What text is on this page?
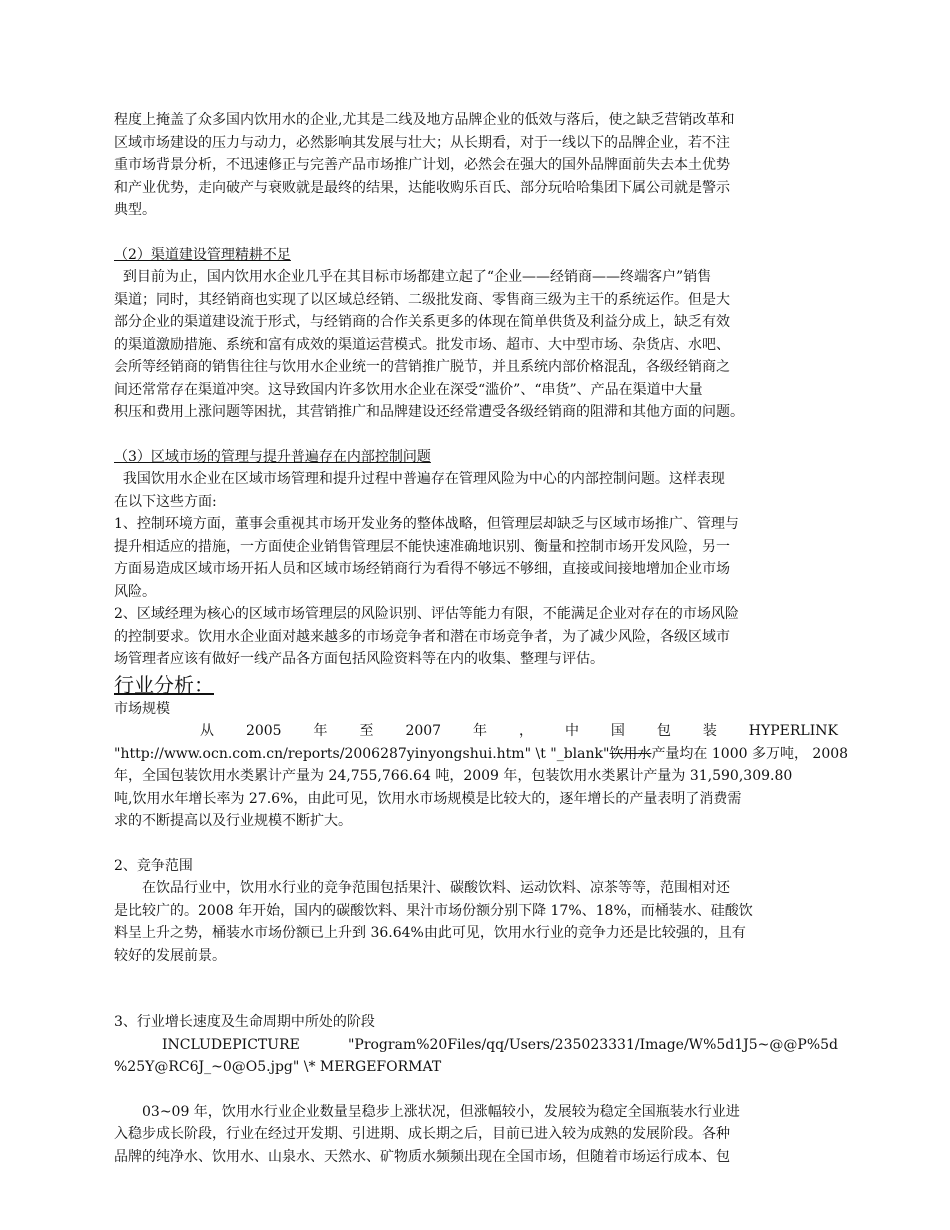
程度上掩盖了众多国内饮用水的企业,尤其是二线及地方品牌企业的低效与落后，使之缺乏营销改革和
区域市场建设的压力与动力，必然影响其发展与壮大；从长期看，对于一线以下的品牌企业，若不注
重市场背景分析，不迅速修正与完善产品市场推广计划，必然会在强大的国外品牌面前失去本土优势
和产业优势，走向破产与衰败就是最终的结果，达能收购乐百氏、部分玩哈哈集团下属公司就是警示
典型。
（2）渠道建设管理精耕不足
到目前为止，国内饮用水企业几乎在其目标市场都建立起了“企业——经销商——终端客户”销售
渠道；同时，其经销商也实现了以区域总经销、二级批发商、零售商三级为主干的系统运作。但是大
部分企业的渠道建设流于形式，与经销商的合作关系更多的体现在简单供货及利益分成上，缺乏有效
的渠道激励措施、系统和富有成效的渠道运营模式。批发市场、超市、大中型市场、杂货店、水吧、
会所等经销商的销售往往与饮用水企业统一的营销推广脱节，并且系统内部价格混乱，各级经销商之
间还常常存在渠道冲突。这导致国内许多饮用水企业在深受“滥价”、“串货”、产品在渠道中大量
积压和费用上涨问题等困扰，其营销推广和品牌建设还经常遭受各级经销商的阻滞和其他方面的问题。
（3）区域市场的管理与提升普遍存在内部控制问题
我国饮用水企业在区域市场管理和提升过程中普遍存在管理风险为中心的内部控制问题。这样表现
在以下这些方面:
1、控制环境方面，董事会重视其市场开发业务的整体战略，但管理层却缺乏与区域市场推广、管理与
提升相适应的措施，一方面使企业销售管理层不能快速准确地识别、衡量和控制市场开发风险，另一
方面易造成区域市场开拓人员和区域市场经销商行为看得不够远不够细，直接或间接地增加企业市场
风险。
2、区域经理为核心的区域市场管理层的风险识别、评估等能力有限，不能满足企业对存在的市场风险
的控制要求。饮用水企业面对越来越多的市场竞争者和潜在市场竞争者，为了减少风险，各级区域市
场管理者应该有做好一线产品各方面包括风险资料等在内的收集、整理与评估。
行业分析：
市场规模
从 2005 年 至 2007 年 ， 中 国 包 装 HYPERLINK
"http://www.ocn.com.cn/reports/2006287yinyongshui.htm" \t "_blank"饮用水产量均在 1000 多万吨， 2008
年，全国包装饮用水类累计产量为 24,755,766.64 吨，2009 年，包装饮用水类累计产量为 31,590,309.80
吨,饮用水年增长率为 27.6%，由此可见，饮用水市场规模是比较大的，逐年增长的产量表明了消费需
求的不断提高以及行业规模不断扩大。
2、竞争范围
在饮品行业中，饮用水行业的竞争范围包括果汁、碳酸饮料、运动饮料、凉茶等等，范围相对还
是比较广的。2008 年开始，国内的碳酸饮料、果汁市场份额分别下降 17%、18%，而桶装水、硅酸饮
料呈上升之势，桶装水市场份额已上升到 36.64%由此可见，饮用水行业的竞争力还是比较强的，且有
较好的发展前景。
3、行业增长速度及生命周期中所处的阶段
INCLUDEPICTURE	"Program%20Files/qq/Users/235023331/Image/W%5d1J5~@@P%5d
%25Y@RC6J_~0@O5.jpg" \* MERGEFORMAT
03~09 年，饮用水行业企业数量呈稳步上涨状况，但涨幅较小，发展较为稳定全国瓶装水行业进
入稳步成长阶段，行业在经过开发期、引进期、成长期之后，目前已进入较为成熟的发展阶段。各种
品牌的纯净水、饮用水、山泉水、天然水、矿物质水频频出现在全国市场，但随着市场运行成本、包
